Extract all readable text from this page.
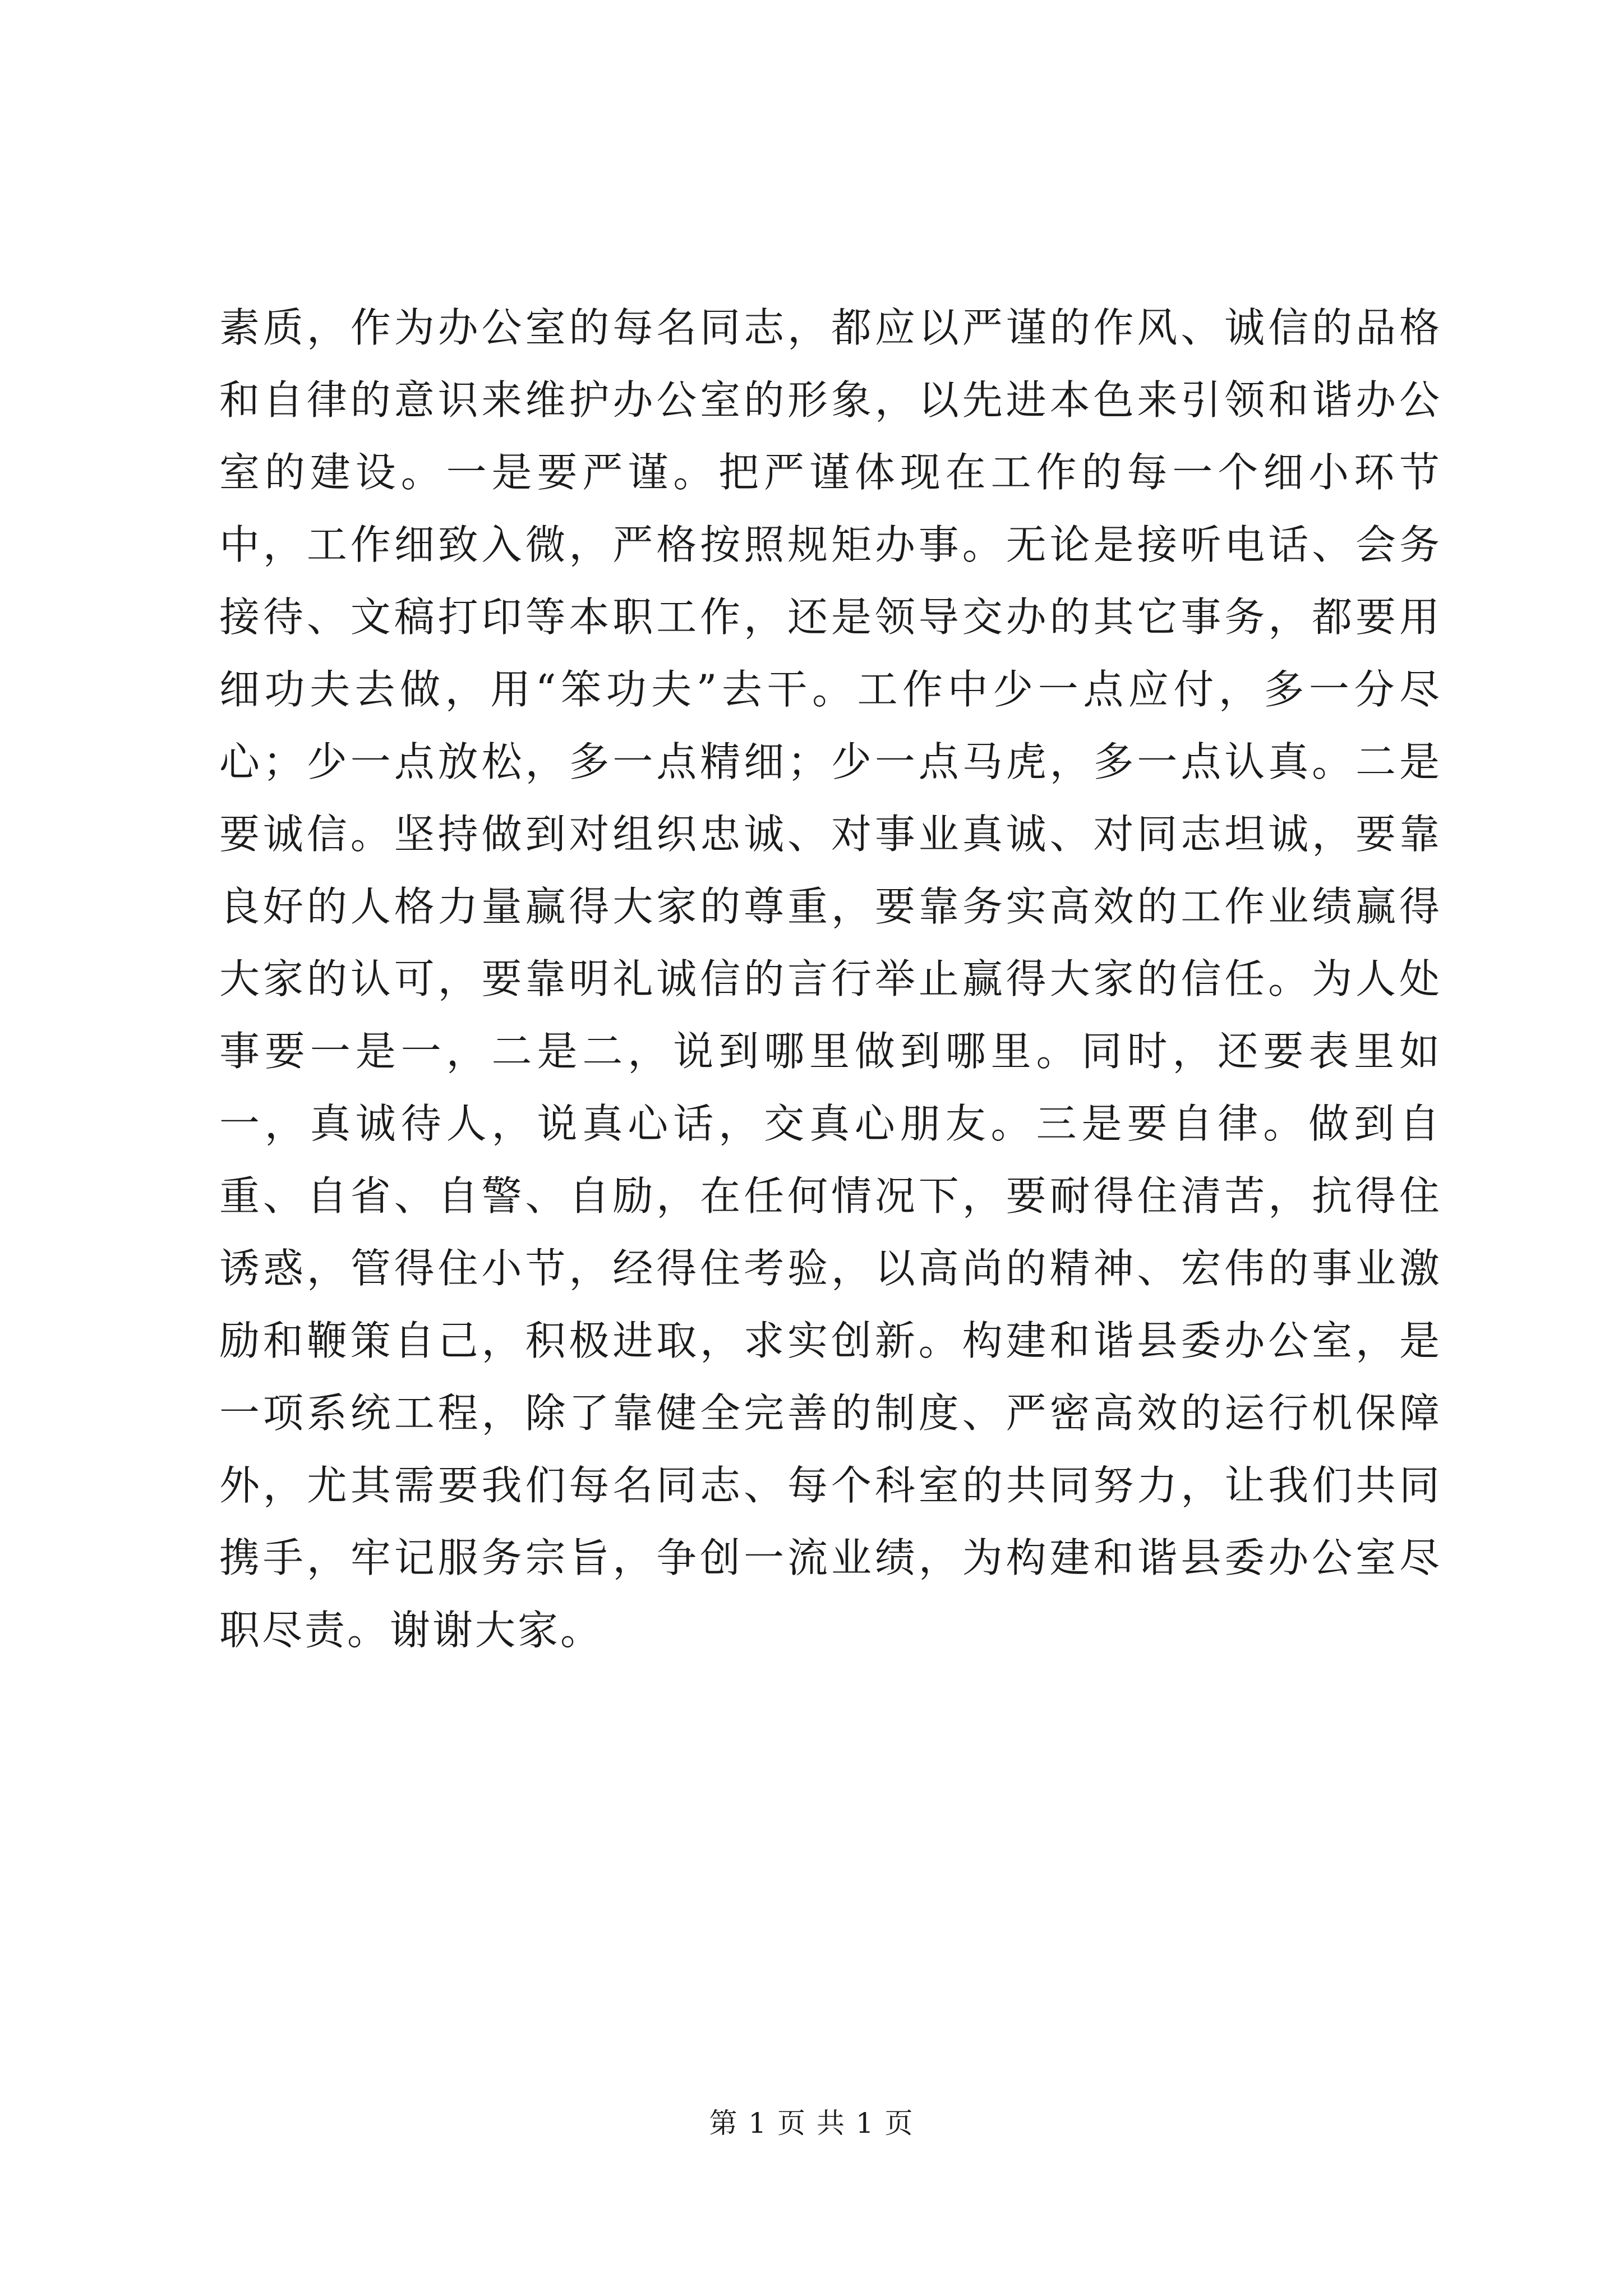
素质，作为办公室的每名同志，都应以严谨的作风、诚信的品格和自律的意识来维护办公室的形象，以先进本色来引领和谐办公室的建设。一是要严谨。把严谨体现在工作的每一个细小环节中，工作细致入微，严格按照规矩办事。无论是接听电话、会务接待、文稿打印等本职工作，还是领导交办的其它事务，都要用细功夫去做，用“笨功夫”去干。工作中少一点应付，多一分尽心；少一点放松，多一点精细；少一点马虎，多一点认真。二是要诚信。坚持做到对组织忠诚、对事业真诚、对同志坦诚，要靠良好的人格力量赢得大家的尊重，要靠务实高效的工作业绩赢得大家的认可，要靠明礼诚信的言行举止赢得大家的信任。为人处事要一是一，二是二，说到哪里做到哪里。同时，还要表里如一，真诚待人，说真心话，交真心朋友。三是要自律。做到自重、自省、自警、自励，在任何情况下，要耐得住清苦，抗得住诱惑，管得住小节，经得住考验，以高尚的精神、宏伟的事业激励和鞭策自己，积极进取，求实创新。构建和谐县委办公室，是一项系统工程，除了靠健全完善的制度、严密高效的运行机保障外，尤其需要我们每名同志、每个科室的共同努力，让我们共同携手，牢记服务宗旨，争创一流业绩，为构建和谐县委办公室尽职尽责。谢谢大家。

第 1 页 共 1 页
